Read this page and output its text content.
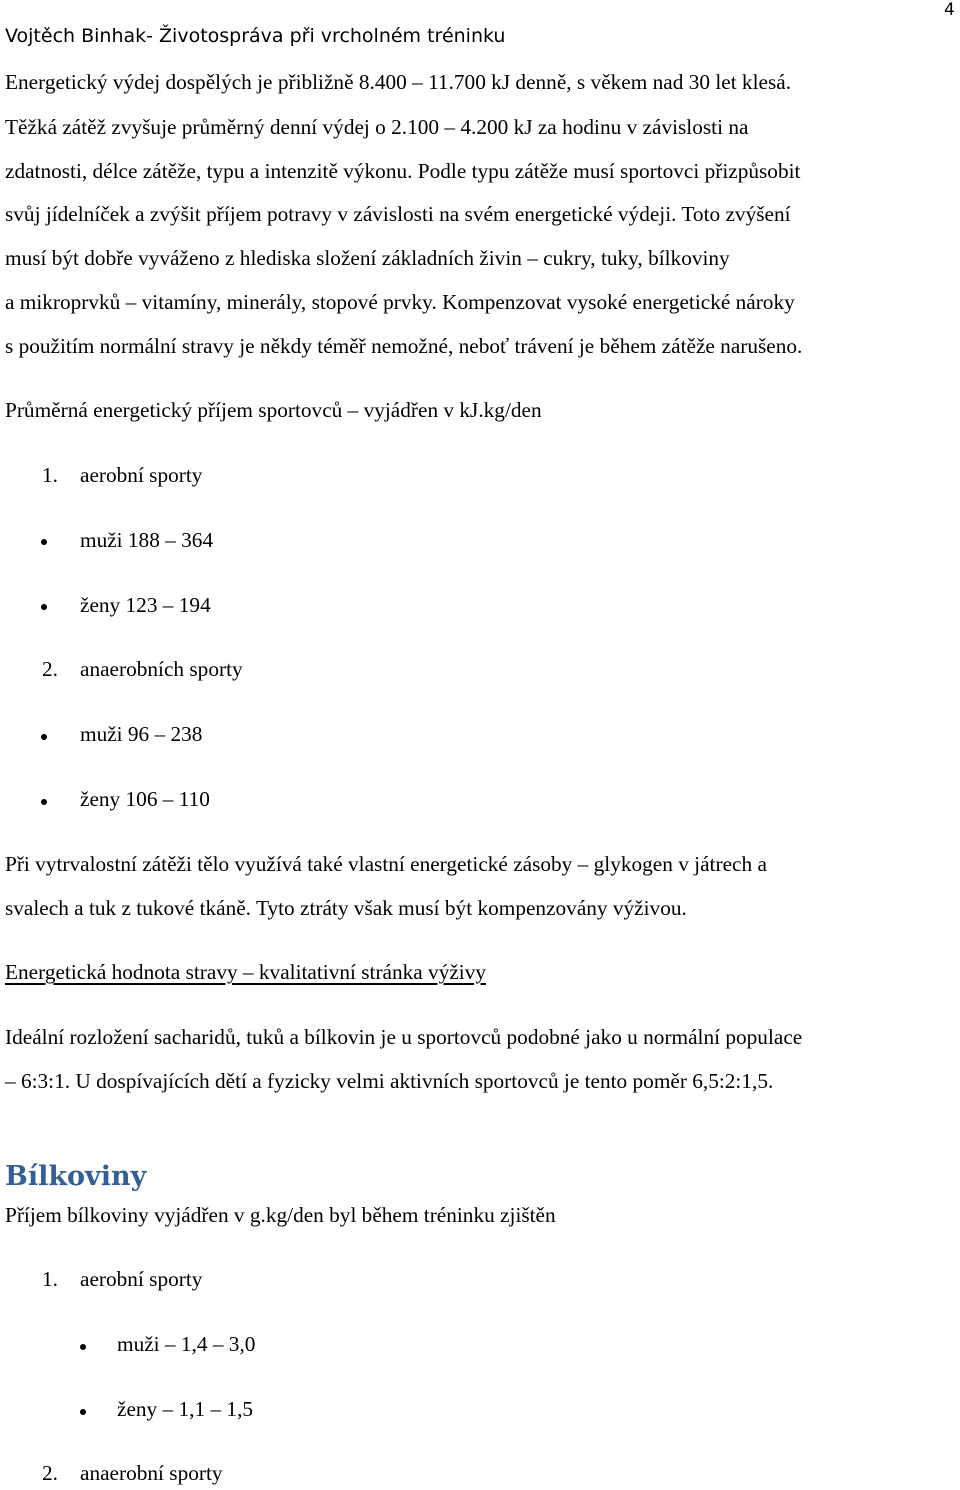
Vojtěch Binhak- Životospráva při vrcholném tréninku
4
Energetický výdej dospělých je přibližně 8.400 – 11.700 kJ denně, s věkem nad 30 let klesá.
Těžká zátěž zvyšuje průměrný denní výdej o 2.100 – 4.200 kJ za hodinu v závislosti na
zdatnosti, délce zátěže, typu a intenzitě výkonu. Podle typu zátěže musí sportovci přizpůsobit
svůj jídelníček a zvýšit příjem potravy v závislosti na svém energetické výdeji. Toto zvýšení
musí být dobře vyváženo z hlediska složení základních živin – cukry, tuky, bílkoviny
a mikroprvků – vitamíny, minerály, stopové prvky. Kompenzovat vysoké energetické nároky
s použitím normální stravy je někdy téměř nemožné, neboť trávení je během zátěže narušeno.
Průměrná energetický příjem sportovců – vyjádřen v kJ.kg/den
1. aerobní sporty
muži 188 – 364
ženy 123 – 194
2. anaerobních sporty
muži 96 – 238
ženy 106 – 110
Při vytrvalostní zátěži tělo využívá také vlastní energetické zásoby – glykogen v játrech a
svalech a tuk z tukové tkáně. Tyto ztráty však musí být kompenzovány výživou.
Energetická hodnota stravy – kvalitativní stránka výživy
Ideální rozložení sacharidů, tuků a bílkovin je u sportovců podobné jako u normální populace
– 6:3:1. U dospívajících dětí a fyzicky velmi aktivních sportovců je tento poměr 6,5:2:1,5.
Bílkoviny
Příjem bílkoviny vyjádřen v g.kg/den byl během tréninku zjištěn
1. aerobní sporty
muži – 1,4 – 3,0
ženy – 1,1 – 1,5
2. anaerobní sporty
